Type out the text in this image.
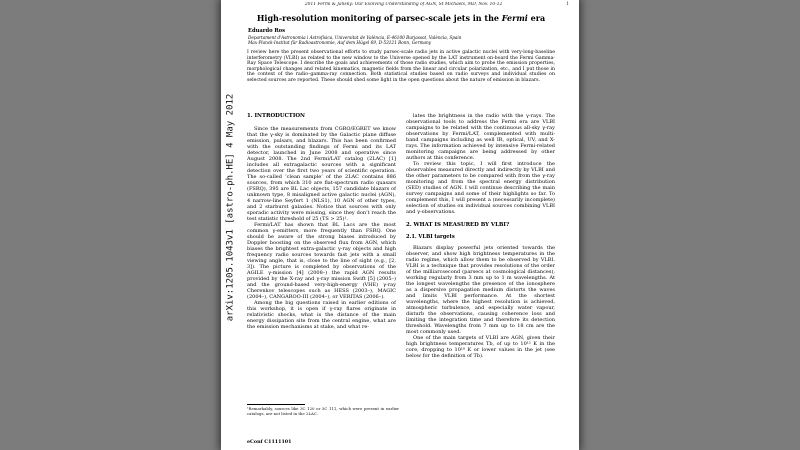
2011 Fermi & Jansky: Our Evolving Understanding of AGN, St Michaels, MD, Nov. 10-12	1
arXiv:1205.1043v1 [astro-ph.HE] 4 May 2012
High-resolution monitoring of parsec-scale jets in the Fermi era
Eduardo Ros
Departament d'Astronomia i Astrofísica, Universitat de València, E-46100 Burjassot, València, Spain
Max-Planck-Institut für Radioastronomie, Auf dem Hügel 69, D-53121 Bonn, Germany
I review here the present observational efforts to study parsec-scale radio jets in active galactic nuclei with very-long-baseline interferometry (VLBI) as related to the new window to the Universe opened by the LAT instrument on-board the Fermi Gamma-Ray Space Telescope. I describe the goals and achievements of those radio studies, which aim to probe the emission properties, morphological changes and related kinematics, magnetic fields from the linear and circular polarization, etc., and I put those in the context of the radio–gamma-ray connection. Both statistical studies based on radio surveys and individual studies on selected sources are reported. These should shed some light in the open questions about the nature of emission in blazars.
1. INTRODUCTION

Since the measurements from CGRO/EGRET we know that the γ-sky is dominated by the Galactic plane diffuse emission, pulsars, and blazars. This has been confirmed with the outstanding findings of Fermi and its LAT detector, launched in June 2008 and operative since August 2008. The 2nd Fermi/LAT catalog (2LAC) [1] includes all extragalactic sources with a significant detection over the first two years of scientific operation. The so-called ‘clean sample’ of the 2LAC contains 886 sources, from which 310 are flat-spectrum radio quasars (FSRQ), 395 are BL Lac objects, 157 candidate blazars of unknown type, 8 misaligned active galactic nuclei (AGN), 4 narrow-line Seyfert 1 (NLS1), 10 AGN of other types, and 2 starburst galaxies. Notice that sources with only sporadic activity were missing, since they don’t reach the test statistic threshold of 25 (TS > 25)¹.

Fermi/LAT has shown that BL Lacs are the most common γ-emitters, more frequently than FSRQ. One should be aware of the strong biases introduced by Doppler boosting on the observed flux from AGN, which biases the brightest extra-galactic γ-ray objects and high frequency radio sources towards fast jets with a small viewing angle, that is, close to the line of sight (e.g., [2, 3]). The picture is completed by observations of the AGILE γ-mission [4] (2008–) the rapid AGN results provided by the X-ray and γ-ray mission Swift [5] (2005–) and the ground-based very-high-energy (VHE) γ-ray Cherenkov telescopes such as HESS (2003–), MAGIC (2004–), CANGAROO-III (2004–), or VERITAS (2006–).

Among the big questions raised in earlier editions of this workshop, it is open if γ-ray flares originate in relativistic shocks, what is the distance of the main energy dissipation site from the central engine, what are the emission mechanisms at stake, and what re-

lates the brightness in the radio with the γ-rays. The observational tools to address the Fermi era are VLBI campaigns to be related with the continuous all-sky γ-ray observations by Fermi/LAT, complemented with multi-band campaigns including as well IR, optical, UV, and X-rays. The information achieved by intensive Fermi-related monitoring campaigns are being addressed by other authors at this conference.

To review this topic, I will first introduce the observables measured directly and indirectly by VLBI and the other parameters to be compared with from the γ-ray monitoring and from the spectral energy distribution (SED) studies of AGN. I will continue describing the main survey campaigns and some of their highlights so far. To complement this, I will present a (necessarily incomplete) selection of studies on individual sources combining VLBI and γ-observations.

2. WHAT IS MEASURED BY VLBI?
2.1. VLBI targets

Blazars display powerful jets oriented towards the observer, and show high brightness temperatures in the radio regime, which allow them to be observed by VLBI. VLBI is a technique that provides resolutions of the order of the milliarcsecond (parsecs at cosmological distances), working regularly from 3 mm up to 1 m wavelengths. At the longest wavelengths the presence of the ionosphere as a dispersive propagation medium distorts the waves and limits VLBI performance. At the shortest wavelengths, where the highest resolution is achieved, atmospheric turbulence, and especially water vapour, disturb the observations, causing coherence loss and limiting the integration time and therefore its detection threshold. Wavelengths from 7 mm up to 18 cm are the most commonly used.

One of the main targets of VLBI are AGN, given their high brightness temperatures Tb, of up to 10¹² K in the core, dropping to 10¹⁰ K or lower values in the jet (see below for the definition of Tb).

¹Remarkably, sources like 3C 120 or 3C 111, which were present in earlier catalogs, are not listed in the 2LAC.
eConf C1111101
